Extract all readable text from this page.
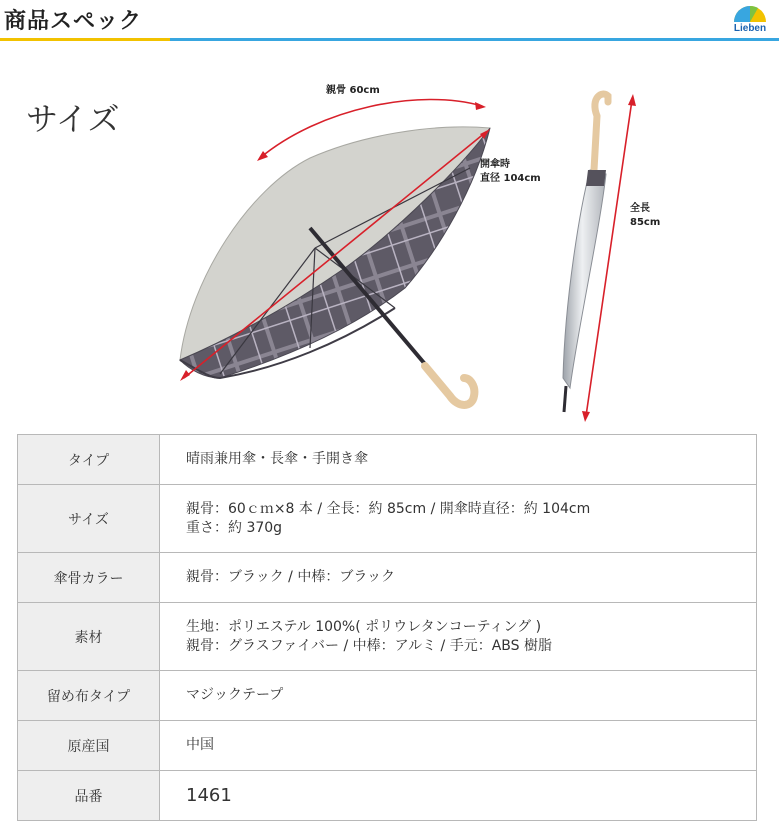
商品スペック	Lieben
サイズ
親骨 60cm
開傘時
直径 104cm
全長
85cm
タイプ	晴雨兼用傘・長傘・手開き傘

サイズ	親骨：60ｃｍ×8 本 / 全長：約 85cm / 開傘時直径：約 104cm
重さ：約 370g

傘骨カラー	親骨：ブラック / 中棒：ブラック

素材	生地：ポリエステル 100%( ポリウレタンコーティング )
親骨：グラスファイバー / 中棒：アルミ / 手元：ABS 樹脂

留め布タイプ	マジックテープ

原産国	中国

品番	1461
